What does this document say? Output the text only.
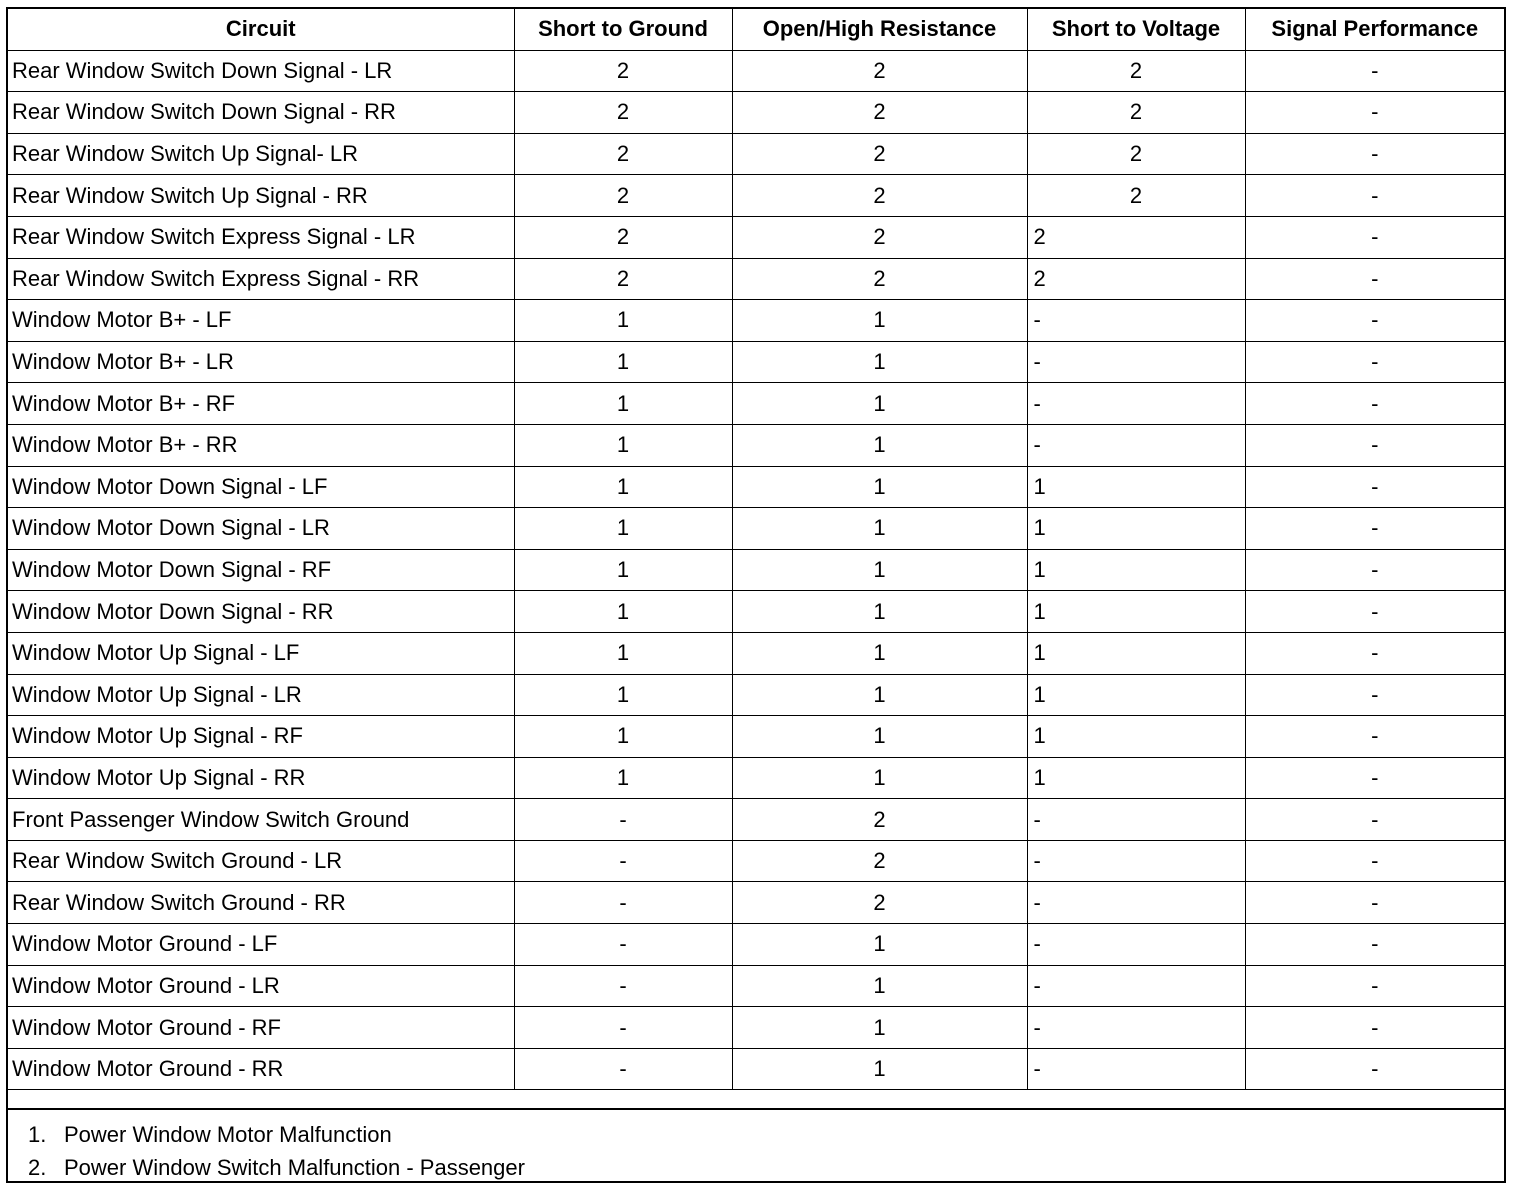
Circuit	Short to Ground	Open/High Resistance	Short to Voltage	Signal Performance
Rear Window Switch Down Signal - LR	2	2	2	-
Rear Window Switch Down Signal - RR	2	2	2	-
Rear Window Switch Up Signal- LR	2	2	2	-
Rear Window Switch Up Signal - RR	2	2	2	-
Rear Window Switch Express Signal - LR	2	2	2	-
Rear Window Switch Express Signal - RR	2	2	2	-
Window Motor B+ - LF	1	1	-	-
Window Motor B+ - LR	1	1	-	-
Window Motor B+ - RF	1	1	-	-
Window Motor B+ - RR	1	1	-	-
Window Motor Down Signal - LF	1	1	1	-
Window Motor Down Signal - LR	1	1	1	-
Window Motor Down Signal - RF	1	1	1	-
Window Motor Down Signal - RR	1	1	1	-
Window Motor Up Signal - LF	1	1	1	-
Window Motor Up Signal - LR	1	1	1	-
Window Motor Up Signal - RF	1	1	1	-
Window Motor Up Signal - RR	1	1	1	-
Front Passenger Window Switch Ground	-	2	-	-
Rear Window Switch Ground - LR	-	2	-	-
Rear Window Switch Ground - RR	-	2	-	-
Window Motor Ground - LF	-	1	-	-
Window Motor Ground - LR	-	1	-	-
Window Motor Ground - RF	-	1	-	-
Window Motor Ground - RR	-	1	-	-
1. Power Window Motor Malfunction
2. Power Window Switch Malfunction - Passenger
